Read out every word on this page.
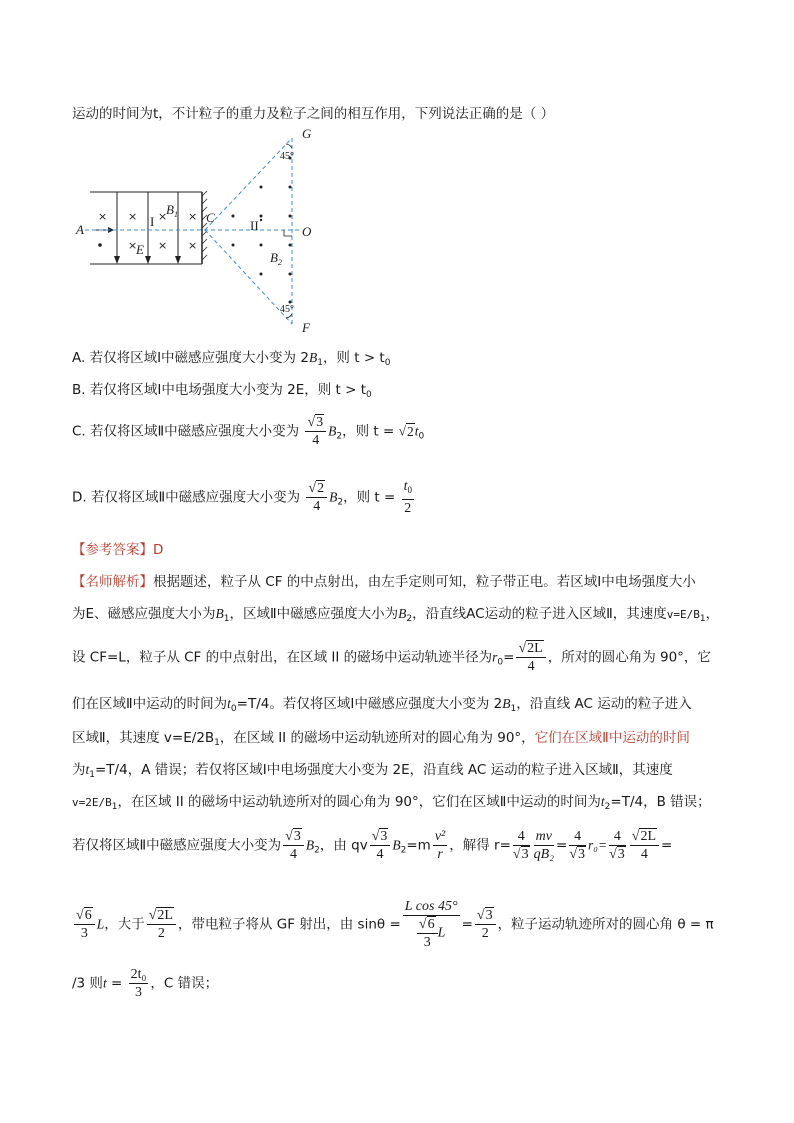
运动的时间为t，不计粒子的重力及粒子之间的相互作用，下列说法正确的是（ ）
× × × ×
× × ×
A
C
O
G
F
$B_1$
E
$B_2$
I	II
45°
45°
A. 若仅将区域Ⅰ中磁感应强度大小变为 $2B_1$，则 $t > t_0$
B. 若仅将区域Ⅰ中电场强度大小变为 2E，则 $t > t_0$
C. 若仅将区域Ⅱ中磁感应强度大小变为 $\frac{√3}{4} B_2$，则 $t = √2t_0$
D. 若仅将区域Ⅱ中磁感应强度大小变为 $\frac{√2}{4} B_2$，则 $t = \frac{t_0}{2}$
【参考答案】D
【名师解析】根据题述，粒子从 CF 的中点射出，由左手定则可知，粒子带正电。若区域Ⅰ中电场强度大小
为E、磁感应强度大小为$B_1$，区域Ⅱ中磁感应强度大小为$B_2$，沿直线AC运动的粒子进入区域Ⅱ，其速度$v=E/B_1$，
设 CF=L，粒子从 CF 的中点射出，在区域 II 的磁场中运动轨迹半径为$r_0= \frac{√2L}{4}$ ，所对的圆心角为 90°，它
们在区域Ⅱ中运动的时间为$t_0=T/4$。若仅将区域Ⅰ中磁感应强度大小变为 $2B_1$，沿直线 AC 运动的粒子进入
区域Ⅱ，其速度 $v=E/2B_1$，在区域 II 的磁场中运动轨迹所对的圆心角为 90°，它们在区域Ⅱ中运动的时间
为$t_1=T/4$，A 错误；若仅将区域Ⅰ中电场强度大小变为 2E，沿直线 AC 运动的粒子进入区域Ⅱ，其速度
$v=2E/B_1$，在区域 II 的磁场中运动轨迹所对的圆心角为 90°，它们在区域Ⅱ中运动的时间为$t_2=T/4$，B 错误；
若仅将区域Ⅱ中磁感应强度大小变为 $\frac{√3}{4} B_2$，由 qv $\frac{√3}{4} B_2=m \frac{\text{v²}}{r}$ ，解得 $r= \frac{4}{√3} \frac{mv}{\text{qB₂}} = \frac{4}{√3} r_0= \frac{4}{√3} \frac{√2L}{4}$ =
$\frac{√6}{3}$ L，大于 $\frac{√2L}{2}$ ，带电粒子将从 GF 射出，由 $\sin\theta = \frac{\text{L cos 45°}}{\frac{√6}{3} L} = \frac{√3}{2}$ ，粒子运动轨迹所对的圆心角 θ = π
/3 则$t = \frac{\text{2t₀}}{3}$ ，C 错误；
